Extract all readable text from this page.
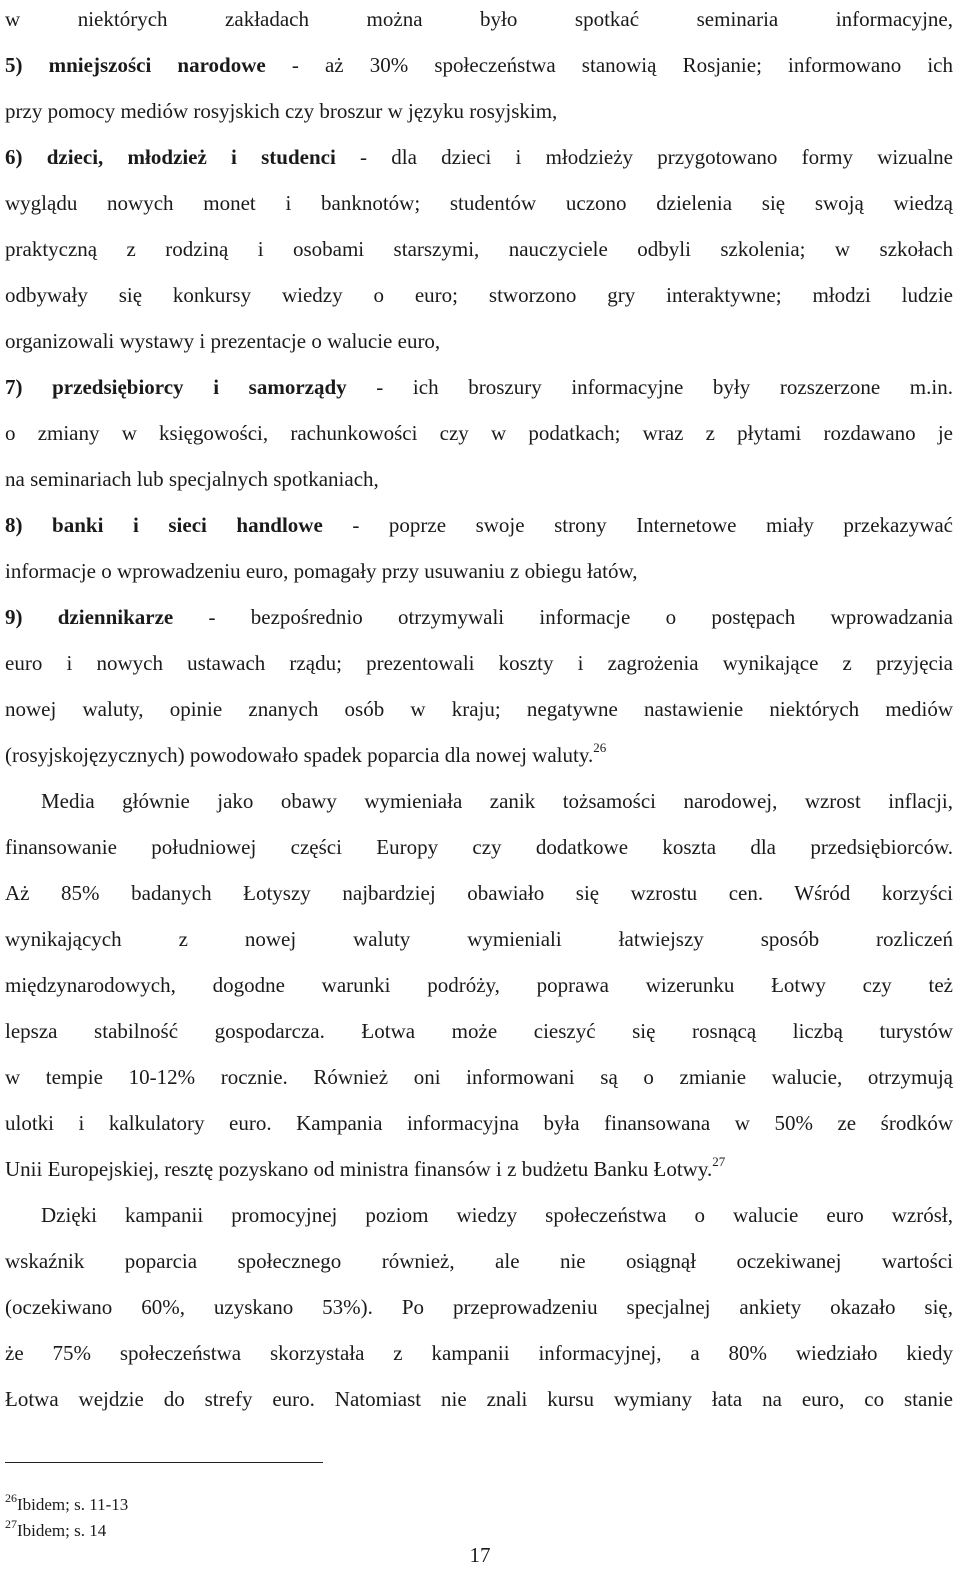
w niektórych zakładach można było spotkać seminaria informacyjne,
5) mniejszości narodowe - aż 30% społeczeństwa stanowią Rosjanie; informowano ich
przy pomocy mediów rosyjskich czy broszur w języku rosyjskim,
6) dzieci, młodzież i studenci - dla dzieci i młodzieży przygotowano formy wizualne
wyglądu nowych monet i banknotów; studentów uczono dzielenia się swoją wiedzą
praktyczną z rodziną i osobami starszymi, nauczyciele odbyli szkolenia; w szkołach
odbywały się konkursy wiedzy o euro; stworzono gry interaktywne; młodzi ludzie
organizowali wystawy i prezentacje o walucie euro,
7) przedsiębiorcy i samorządy - ich broszury informacyjne były rozszerzone m.in.
o zmiany w księgowości, rachunkowości czy w podatkach; wraz z płytami rozdawano je
na seminariach lub specjalnych spotkaniach,
8) banki i sieci handlowe - poprze swoje strony Internetowe miały przekazywać
informacje o wprowadzeniu euro, pomagały przy usuwaniu z obiegu łatów,
9) dziennikarze - bezpośrednio otrzymywali informacje o postępach wprowadzania
euro i nowych ustawach rządu; prezentowali koszty i zagrożenia wynikające z przyjęcia
nowej waluty, opinie znanych osób w kraju; negatywne nastawienie niektórych mediów
(rosyjskojęzycznych) powodowało spadek poparcia dla nowej waluty.$^{26}$
Media głównie jako obawy wymieniała zanik tożsamości narodowej, wzrost inflacji,
finansowanie południowej części Europy czy dodatkowe koszta dla przedsiębiorców.
Aż 85% badanych Łotyszy najbardziej obawiało się wzrostu cen. Wśród korzyści
wynikających z nowej waluty wymieniali łatwiejszy sposób rozliczeń
międzynarodowych, dogodne warunki podróży, poprawa wizerunku Łotwy czy też
lepsza stabilność gospodarcza. Łotwa może cieszyć się rosnącą liczbą turystów
w tempie 10-12% rocznie. Również oni informowani są o zmianie walucie, otrzymują
ulotki i kalkulatory euro. Kampania informacyjna była finansowana w 50% ze środków
Unii Europejskiej, resztę pozyskano od ministra finansów i z budżetu Banku Łotwy.$^{27}$
Dzięki kampanii promocyjnej poziom wiedzy społeczeństwa o walucie euro wzrósł,
wskaźnik poparcia społecznego również, ale nie osiągnął oczekiwanej wartości
(oczekiwano 60%, uzyskano 53%). Po przeprowadzeniu specjalnej ankiety okazało się,
że 75% społeczeństwa skorzystała z kampanii informacyjnej, a 80% wiedziało kiedy
Łotwa wejdzie do strefy euro. Natomiast nie znali kursu wymiany łata na euro, co stanie
$^{26}$Ibidem; s. 11-13
$^{27}$Ibidem; s. 14
17
